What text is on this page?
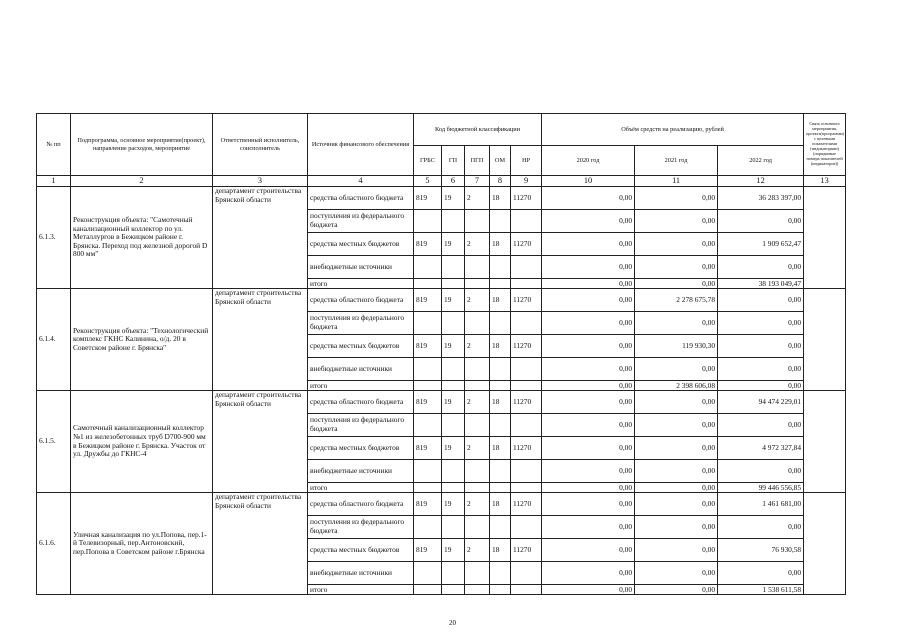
№ пп	Подпрограмма, основное мероприятие(проект), направление расходов, мероприятие	Ответственный исполнитель, соисполнитель	Источник финансового обеспечения	Код бюджетной классификации					Объём средств на реализацию, рублей			Связь основного мероприятия, проекта(программы) с целевыми показателями (индикаторами) (порядковые номера показателей (индикаторов))
				ГРБС	ГП	ПГП	ОМ	НР	2020 год	2021 год	2022 год	
1	2	3	4	5	6	7	8	9	10	11	12	13
6.1.3.	Реконструкция объекта: "Самотечный канализационный коллектор по ул. Металлургов в Бежицком районе г. Брянска. Переход под железной дорогой D 800 мм"	департамент строительства Брянской области	средства областного бюджета	819	19	2	18	11270	0,00	0,00	36 283 397,00	
			поступления из федерального бюджета						0,00	0,00	0,00	
			средства местных бюджетов	819	19	2	18	11270	0,00	0,00	1 909 652,47	
			внебюджетные источники						0,00	0,00	0,00	
			итого						0,00	0,00	38 193 049,47	
6.1.4.	Реконструкция объекта: "Технологический комплекс ГКНС Калинина, о/д. 20 в Советском районе г. Брянска"	департамент строительства Брянской области	средства областного бюджета	819	19	2	18	11270	0,00	2 278 675,78	0,00	
			поступления из федерального бюджета						0,00	0,00	0,00	
			средства местных бюджетов	819	19	2	18	11270	0,00	119 930,30	0,00	
			внебюджетные источники						0,00	0,00	0,00	
			итого						0,00	2 398 606,08	0,00	
6.1.5.	Самотечный канализационный коллектор №1 из железобетонных труб D700-900 мм в Бежицком районе г. Брянска. Участок от ул. Дружбы до ГКНС-4	департамент строительства Брянской области	средства областного бюджета	819	19	2	18	11270	0,00	0,00	94 474 229,01	
			поступления из федерального бюджета						0,00	0,00	0,00	
			средства местных бюджетов	819	19	2	18	11270	0,00	0,00	4 972 327,84	
			внебюджетные источники						0,00	0,00	0,00	
			итого						0,00	0,00	99 446 556,85	
6.1.6.	Уличная канализация по ул.Попова, пер.1-й Телевизорный, пер.Антоновский, пер.Попова в Советском районе г.Брянска	департамент строительства Брянской области	средства областного бюджета	819	19	2	18	11270	0,00	0,00	1 461 681,00	
			поступления из федерального бюджета						0,00	0,00	0,00	
			средства местных бюджетов	819	19	2	18	11270	0,00	0,00	76 930,58	
			внебюджетные источники						0,00	0,00	0,00	
			итого						0,00	0,00	1 538 611,58	
20
